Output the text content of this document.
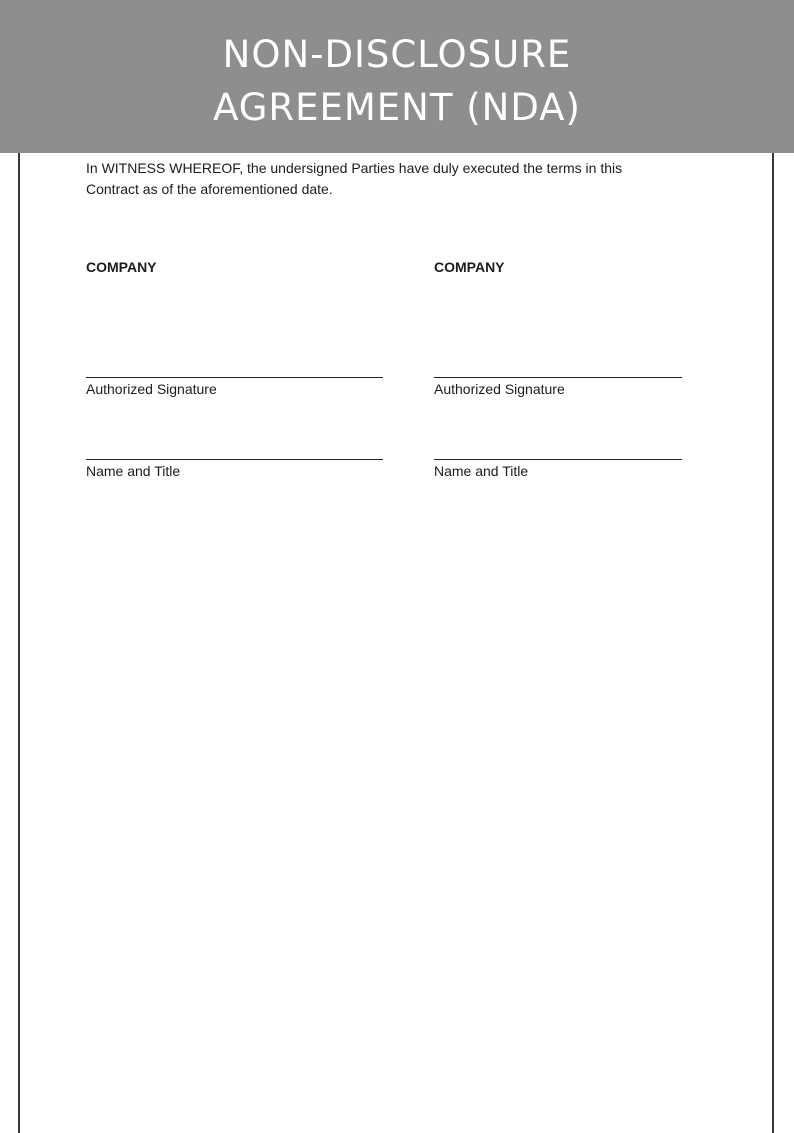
NON-DISCLOSURE
AGREEMENT (NDA)

In WITNESS WHEREOF, the undersigned Parties have duly executed the terms in this
Contract as of the aforementioned date.

COMPANY
Authorized Signature
Name and Title
COMPANY
Authorized Signature
Name and Title
